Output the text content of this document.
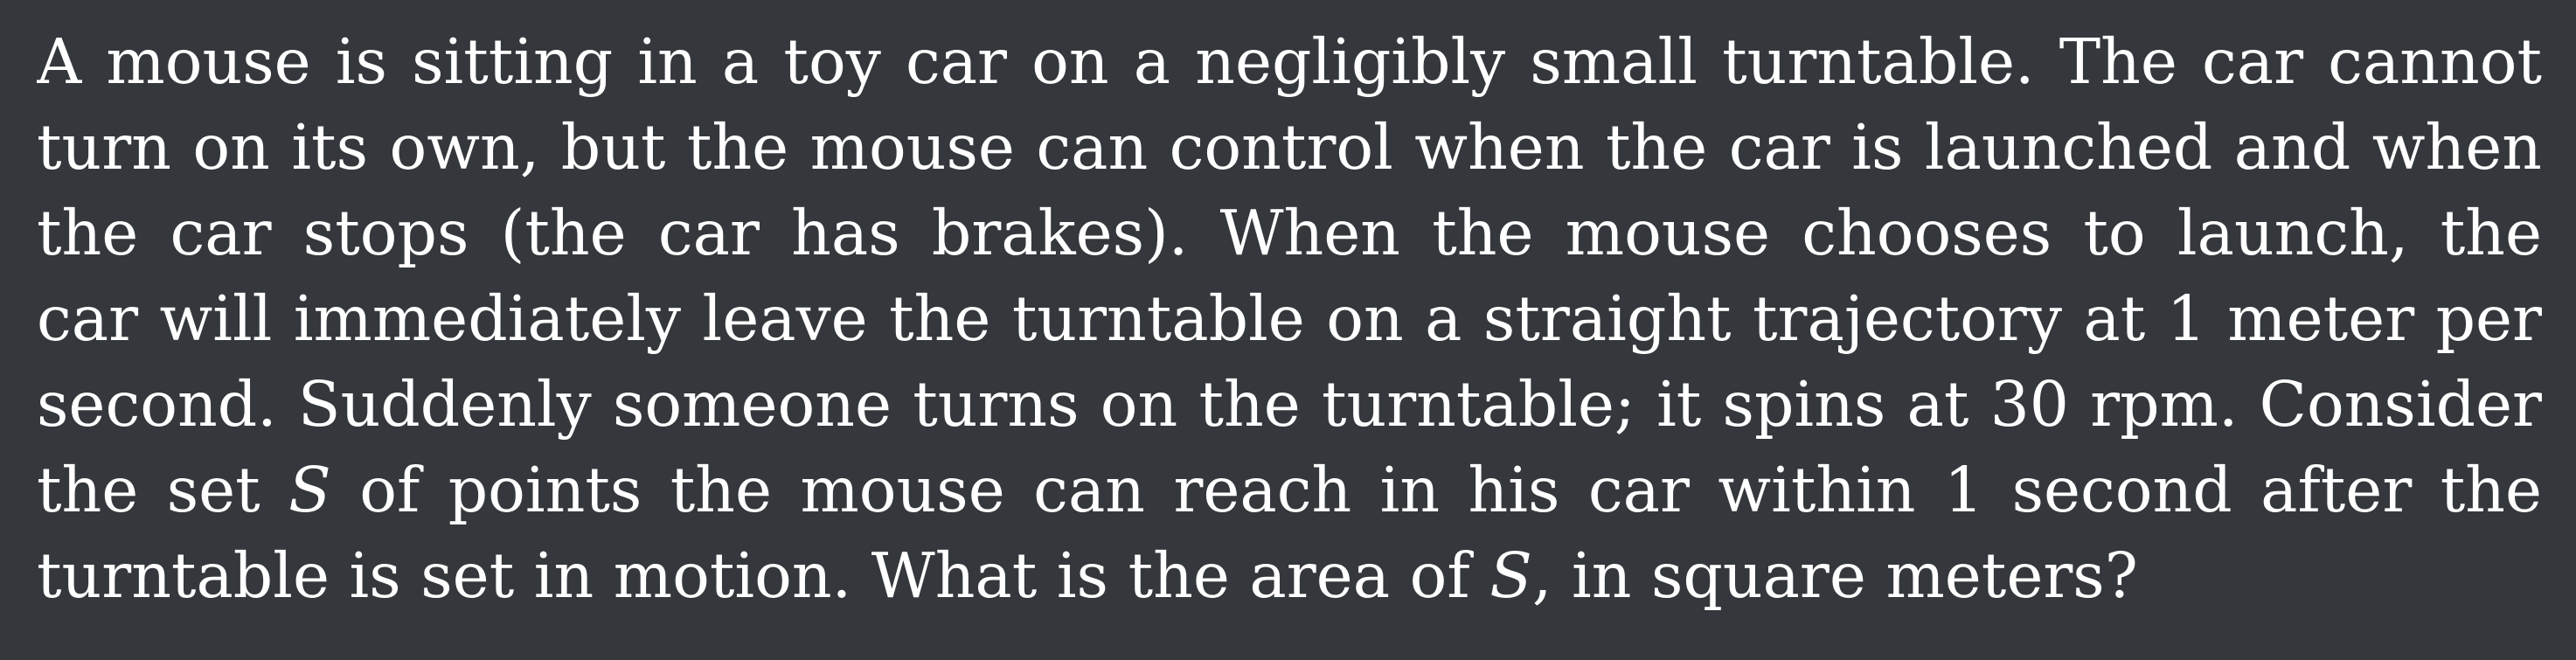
A mouse is sitting in a toy car on a negligibly small turntable. The car cannot
turn on its own, but the mouse can control when the car is launched and when
the car stops (the car has brakes). When the mouse chooses to launch, the
car will immediately leave the turntable on a straight trajectory at 1 meter per
second. Suddenly someone turns on the turntable; it spins at 30 rpm. Consider
the set S of points the mouse can reach in his car within 1 second after the
turntable is set in motion. What is the area of S, in square meters?
